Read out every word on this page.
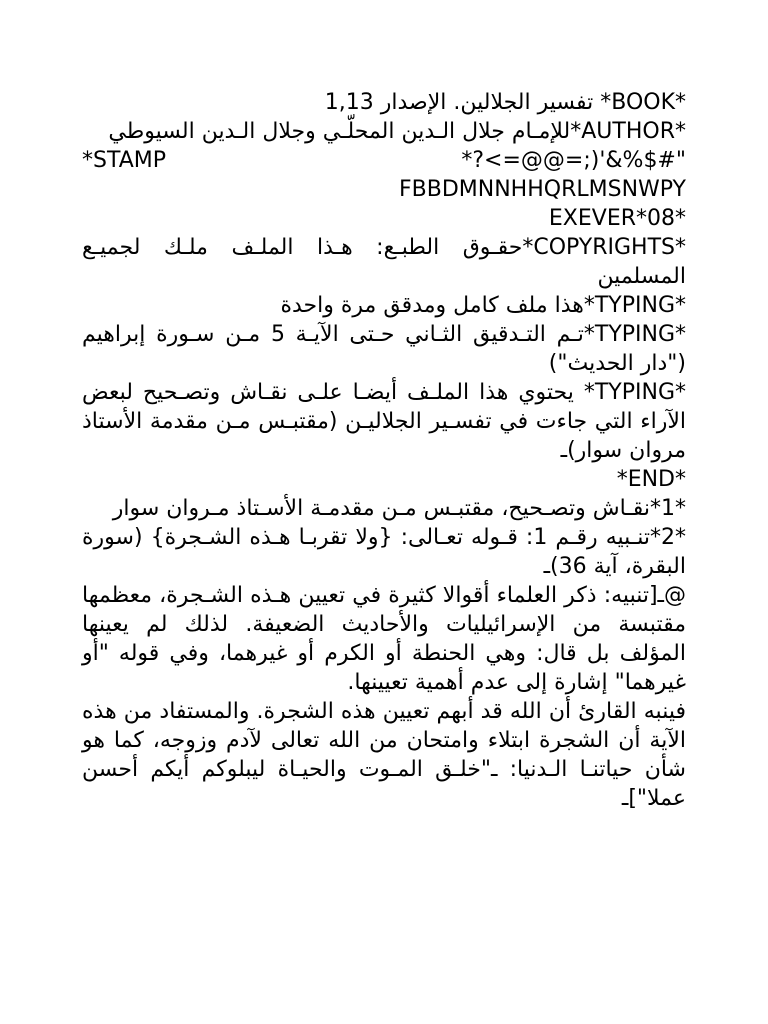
*BOOK* تفسير الجلالين. الإصدار 1,13
*AUTHOR*للإمـام جلال الـدين المحلّـي وجلال الـدين السيوطي
*?<=@@=;)'&%$#"
*STAMP
FBBDMNNHHQRLMSNWPY
*EXEVER*08
*COPYRIGHTS*حقـوق الطبـع: هـذا الملـف ملـك لجميـع المسلمين
*TYPING*هذا ملف كامل ومدقق مرة واحدة
*TYPING*تـم التـدقيق الثـاني حـتى الآيـة 5 مـن سـورة إبراهيم ("دار الحديث")
*TYPING* يحتوي هذا الملـف أيضـا علـى نقـاش وتصـحيح لبعض الآراء التي جاءت في تفسـير الجلاليـن (مقتبـس مـن مقدمة الأستاذ مروان سوار)ـ
*END*
*1*نقـاش وتصـحيح، مقتبـس مـن مقدمـة الأسـتاذ مـروان سوار
*2*تنـبيه رقـم 1: قـوله تعـالى: {ولا تقربـا هـذه الشـجرة} (سورة البقرة، آية 36)ـ
@ـ[تنبيه: ذكر العلماء أقوالا كثيرة في تعيين هـذه الشـجرة، معظمها مقتبسة من الإسرائيليات والأحاديث الضعيفة. لذلك لم يعينها المؤلف بل قال: وهي الحنطة أو الكرم أو غيرهما، وفي قوله "أو غيرهما" إشارة إلى عدم أهمية تعيينها.
فينبه القارئ أن الله قد أبهم تعيين هذه الشجرة. والمستفاد من هذه الآية أن الشجرة ابتلاء وامتحان من الله تعالى لآدم وزوجه، كما هو شأن حياتنـا الـدنيا: ـ"خلـق المـوت والحيـاة ليبلوكم أيكم أحسن عملا"]ـ
